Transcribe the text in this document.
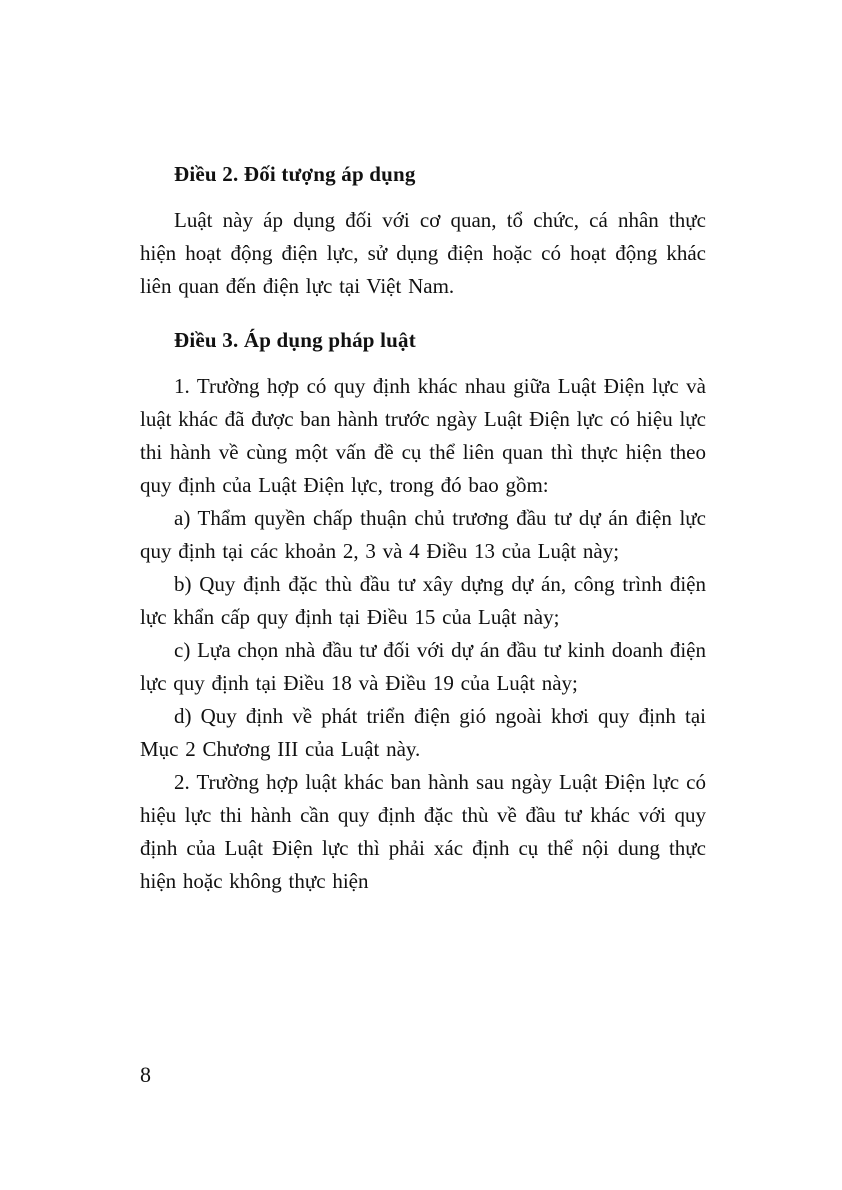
Điều 2. Đối tượng áp dụng

Luật này áp dụng đối với cơ quan, tổ chức, cá nhân thực hiện hoạt động điện lực, sử dụng điện hoặc có hoạt động khác liên quan đến điện lực tại Việt Nam.

Điều 3. Áp dụng pháp luật

1. Trường hợp có quy định khác nhau giữa Luật Điện lực và luật khác đã được ban hành trước ngày Luật Điện lực có hiệu lực thi hành về cùng một vấn đề cụ thể liên quan thì thực hiện theo quy định của Luật Điện lực, trong đó bao gồm:

a) Thẩm quyền chấp thuận chủ trương đầu tư dự án điện lực quy định tại các khoản 2, 3 và 4 Điều 13 của Luật này;

b) Quy định đặc thù đầu tư xây dựng dự án, công trình điện lực khẩn cấp quy định tại Điều 15 của Luật này;

c) Lựa chọn nhà đầu tư đối với dự án đầu tư kinh doanh điện lực quy định tại Điều 18 và Điều 19 của Luật này;

d) Quy định về phát triển điện gió ngoài khơi quy định tại Mục 2 Chương III của Luật này.

2. Trường hợp luật khác ban hành sau ngày Luật Điện lực có hiệu lực thi hành cần quy định đặc thù về đầu tư khác với quy định của Luật Điện lực thì phải xác định cụ thể nội dung thực hiện hoặc không thực hiện

8
